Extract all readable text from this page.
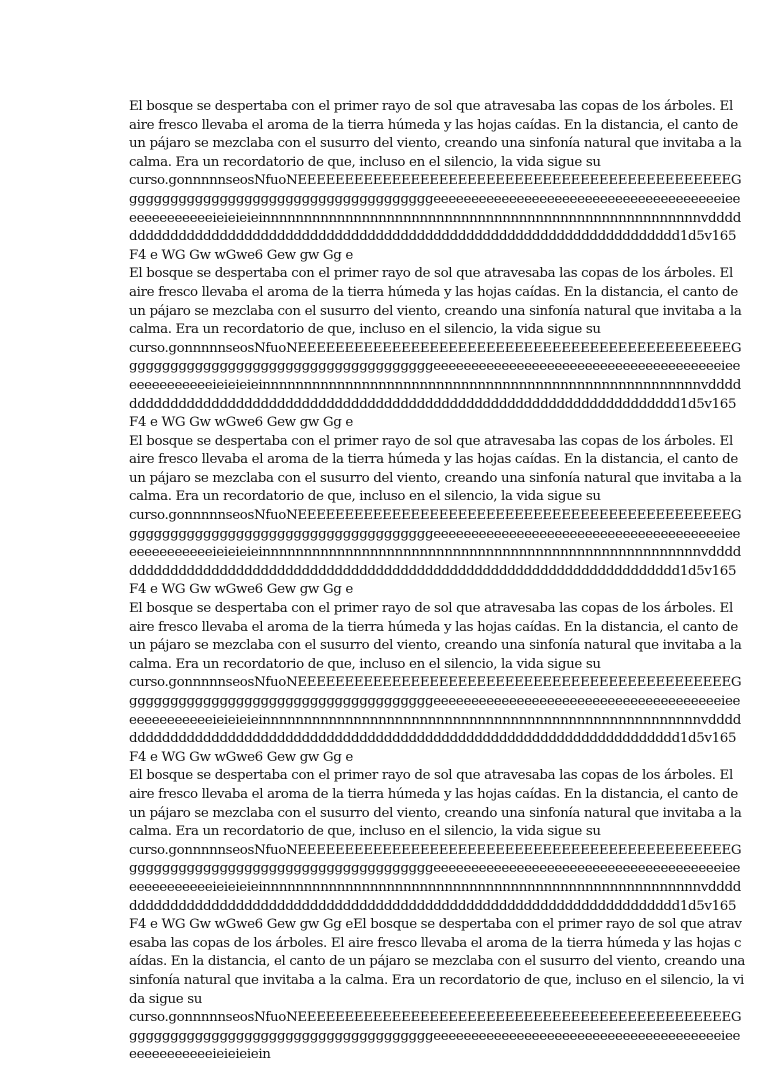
El bosque se despertaba con el primer rayo de sol que atravesaba las copas de los árboles. El aire fresco llevaba el aroma de la tierra húmeda y las hojas caídas. En la distancia, el canto de un pájaro se mezclaba con el susurro del viento, creando una sinfonía natural que invitaba a la calma. Era un recordatorio de que, incluso en el silencio, la vida sigue su
curso.gonnnnnseosNfuoNEEEEEEEEEEEEEEEEEEEEEEEEEEEEEEEEEEEEEEEEEEEEEEGgggggggggggggggggggggggggggggggggggggeeeeeeeeeeeeeeeeeeeeeeeeeeeeeeeeeeeeeeieeeeeeeeeeeeeieieieieinnnnnnnnnnnnnnnnnnnnnnnnnnnnnnnnnnnnnnnnnnnnnnnnnnnnnvddddddddddddddddddddddddddddddddddddddddddddddddddddddddddddddddddddddd1d5v165F4 e WG Gw wGwe6 Gew gw Gg e

El bosque se despertaba con el primer rayo de sol que atravesaba las copas de los árboles. El aire fresco llevaba el aroma de la tierra húmeda y las hojas caídas. En la distancia, el canto de un pájaro se mezclaba con el susurro del viento, creando una sinfonía natural que invitaba a la calma. Era un recordatorio de que, incluso en el silencio, la vida sigue su
curso.gonnnnnseosNfuoNEEEEEEEEEEEEEEEEEEEEEEEEEEEEEEEEEEEEEEEEEEEEEEGgggggggggggggggggggggggggggggggggggggeeeeeeeeeeeeeeeeeeeeeeeeeeeeeeeeeeeeeeieeeeeeeeeeeeeieieieieinnnnnnnnnnnnnnnnnnnnnnnnnnnnnnnnnnnnnnnnnnnnnnnnnnnnnvddddddddddddddddddddddddddddddddddddddddddddddddddddddddddddddddddddddd1d5v165F4 e WG Gw wGwe6 Gew gw Gg e

El bosque se despertaba con el primer rayo de sol que atravesaba las copas de los árboles. El aire fresco llevaba el aroma de la tierra húmeda y las hojas caídas. En la distancia, el canto de un pájaro se mezclaba con el susurro del viento, creando una sinfonía natural que invitaba a la calma. Era un recordatorio de que, incluso en el silencio, la vida sigue su
curso.gonnnnnseosNfuoNEEEEEEEEEEEEEEEEEEEEEEEEEEEEEEEEEEEEEEEEEEEEEEGgggggggggggggggggggggggggggggggggggggeeeeeeeeeeeeeeeeeeeeeeeeeeeeeeeeeeeeeeieeeeeeeeeeeeeieieieieinnnnnnnnnnnnnnnnnnnnnnnnnnnnnnnnnnnnnnnnnnnnnnnnnnnnnvddddddddddddddddddddddddddddddddddddddddddddddddddddddddddddddddddddddd1d5v165F4 e WG Gw wGwe6 Gew gw Gg e

El bosque se despertaba con el primer rayo de sol que atravesaba las copas de los árboles. El aire fresco llevaba el aroma de la tierra húmeda y las hojas caídas. En la distancia, el canto de un pájaro se mezclaba con el susurro del viento, creando una sinfonía natural que invitaba a la calma. Era un recordatorio de que, incluso en el silencio, la vida sigue su
curso.gonnnnnseosNfuoNEEEEEEEEEEEEEEEEEEEEEEEEEEEEEEEEEEEEEEEEEEEEEEGgggggggggggggggggggggggggggggggggggggeeeeeeeeeeeeeeeeeeeeeeeeeeeeeeeeeeeeeeieeeeeeeeeeeeeieieieieinnnnnnnnnnnnnnnnnnnnnnnnnnnnnnnnnnnnnnnnnnnnnnnnnnnnnvddddddddddddddddddddddddddddddddddddddddddddddddddddddddddddddddddddddd1d5v165F4 e WG Gw wGwe6 Gew gw Gg e

El bosque se despertaba con el primer rayo de sol que atravesaba las copas de los árboles. El aire fresco llevaba el aroma de la tierra húmeda y las hojas caídas. En la distancia, el canto de un pájaro se mezclaba con el susurro del viento, creando una sinfonía natural que invitaba a la calma. Era un recordatorio de que, incluso en el silencio, la vida sigue su
curso.gonnnnnseosNfuoNEEEEEEEEEEEEEEEEEEEEEEEEEEEEEEEEEEEEEEEEEEEEEEGgggggggggggggggggggggggggggggggggggggeeeeeeeeeeeeeeeeeeeeeeeeeeeeeeeeeeeeeeieeeeeeeeeeeeeieieieieinnnnnnnnnnnnnnnnnnnnnnnnnnnnnnnnnnnnnnnnnnnnnnnnnnnnnvddddddddddddddddddddddddddddddddddddddddddddddddddddddddddddddddddddddd1d5v165F4 e WG Gw wGwe6 Gew gw Gg eEl bosque se despertaba con el primer rayo de sol que atravesaba las copas de los árboles. El aire fresco llevaba el aroma de la tierra húmeda y las hojas caídas. En la distancia, el canto de un pájaro se mezclaba con el susurro del viento, creando una sinfonía natural que invitaba a la calma. Era un recordatorio de que, incluso en el silencio, la vida sigue su

curso.gonnnnnseosNfuoNEEEEEEEEEEEEEEEEEEEEEEEEEEEEEEEEEEEEEEEEEEEEEEGgggggggggggggggggggggggggggggggggggggeeeeeeeeeeeeeeeeeeeeeeeeeeeeeeeeeeeeeeieeeeeeeeeeeeeieieieiein
